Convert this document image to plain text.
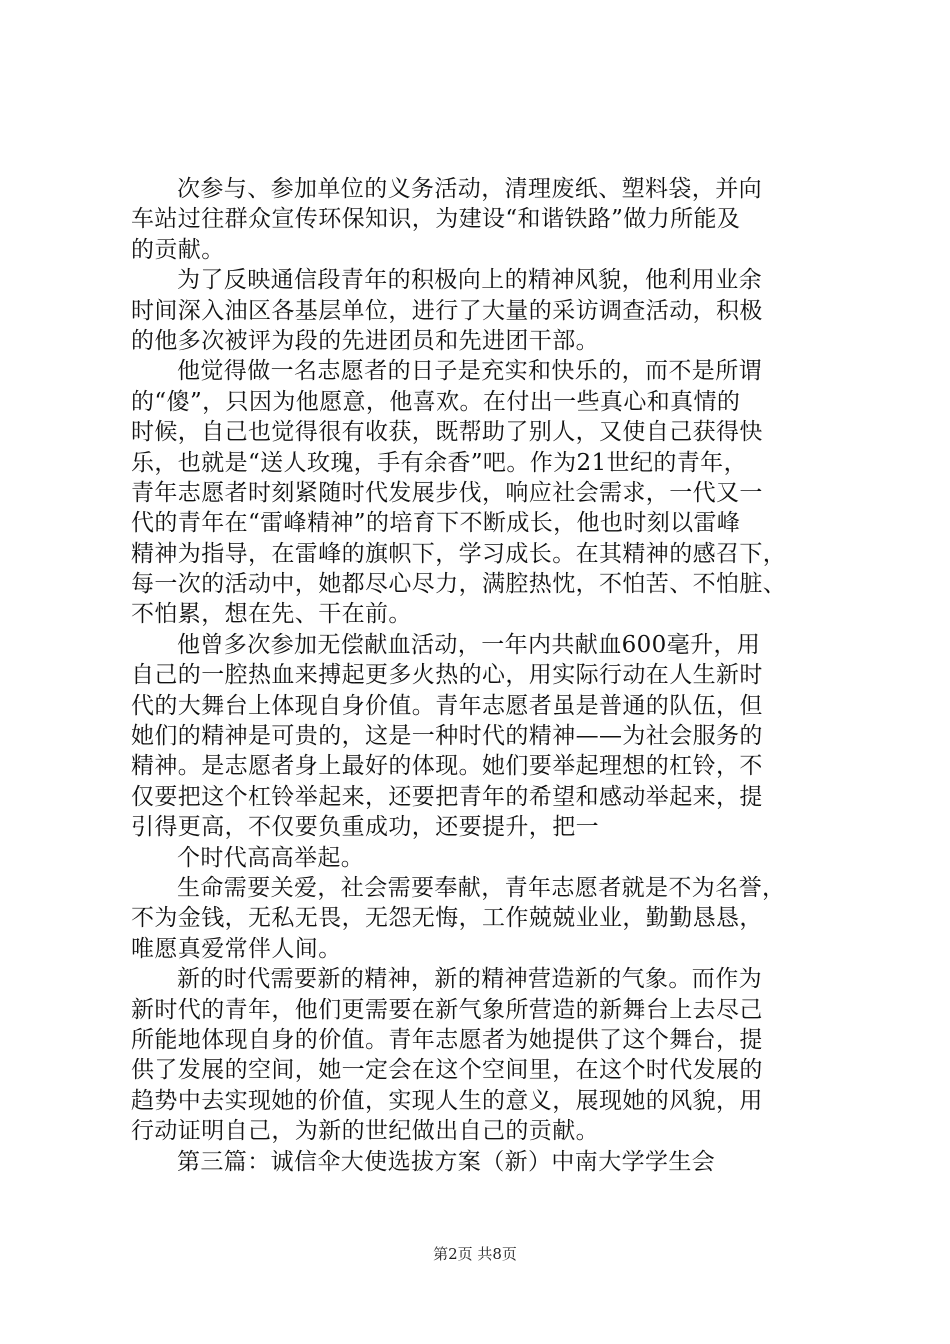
次参与、参加单位的义务活动，清理废纸、塑料袋，并向
车站过往群众宣传环保知识，为建设“和谐铁路”做力所能及
的贡献。
为了反映通信段青年的积极向上的精神风貌，他利用业余
时间深入油区各基层单位，进行了大量的采访调查活动，积极
的他多次被评为段的先进团员和先进团干部。
他觉得做一名志愿者的日子是充实和快乐的，而不是所谓
的“傻”，只因为他愿意，他喜欢。在付出一些真心和真情的
时候，自己也觉得很有收获，既帮助了别人，又使自己获得快
乐，也就是“送人玫瑰，手有余香”吧。作为21世纪的青年，
青年志愿者时刻紧随时代发展步伐，响应社会需求，一代又一
代的青年在“雷峰精神”的培育下不断成长，他也时刻以雷峰
精神为指导，在雷峰的旗帜下，学习成长。在其精神的感召下，
每一次的活动中，她都尽心尽力，满腔热忱，不怕苦、不怕脏、
不怕累，想在先、干在前。
他曾多次参加无偿献血活动，一年内共献血600毫升，用
自己的一腔热血来搏起更多火热的心，用实际行动在人生新时
代的大舞台上体现自身价值。青年志愿者虽是普通的队伍，但
她们的精神是可贵的，这是一种时代的精神——为社会服务的
精神。是志愿者身上最好的体现。她们要举起理想的杠铃，不
仅要把这个杠铃举起来，还要把青年的希望和感动举起来，提
引得更高，不仅要负重成功，还要提升，把一
个时代高高举起。
生命需要关爱，社会需要奉献，青年志愿者就是不为名誉，
不为金钱，无私无畏，无怨无悔，工作兢兢业业，勤勤恳恳，
唯愿真爱常伴人间。
新的时代需要新的精神，新的精神营造新的气象。而作为
新时代的青年，他们更需要在新气象所营造的新舞台上去尽己
所能地体现自身的价值。青年志愿者为她提供了这个舞台，提
供了发展的空间，她一定会在这个空间里，在这个时代发展的
趋势中去实现她的价值，实现人生的意义，展现她的风貌，用
行动证明自己，为新的世纪做出自己的贡献。
第三篇：诚信伞大使选拔方案（新）中南大学学生会
第2页 共8页
